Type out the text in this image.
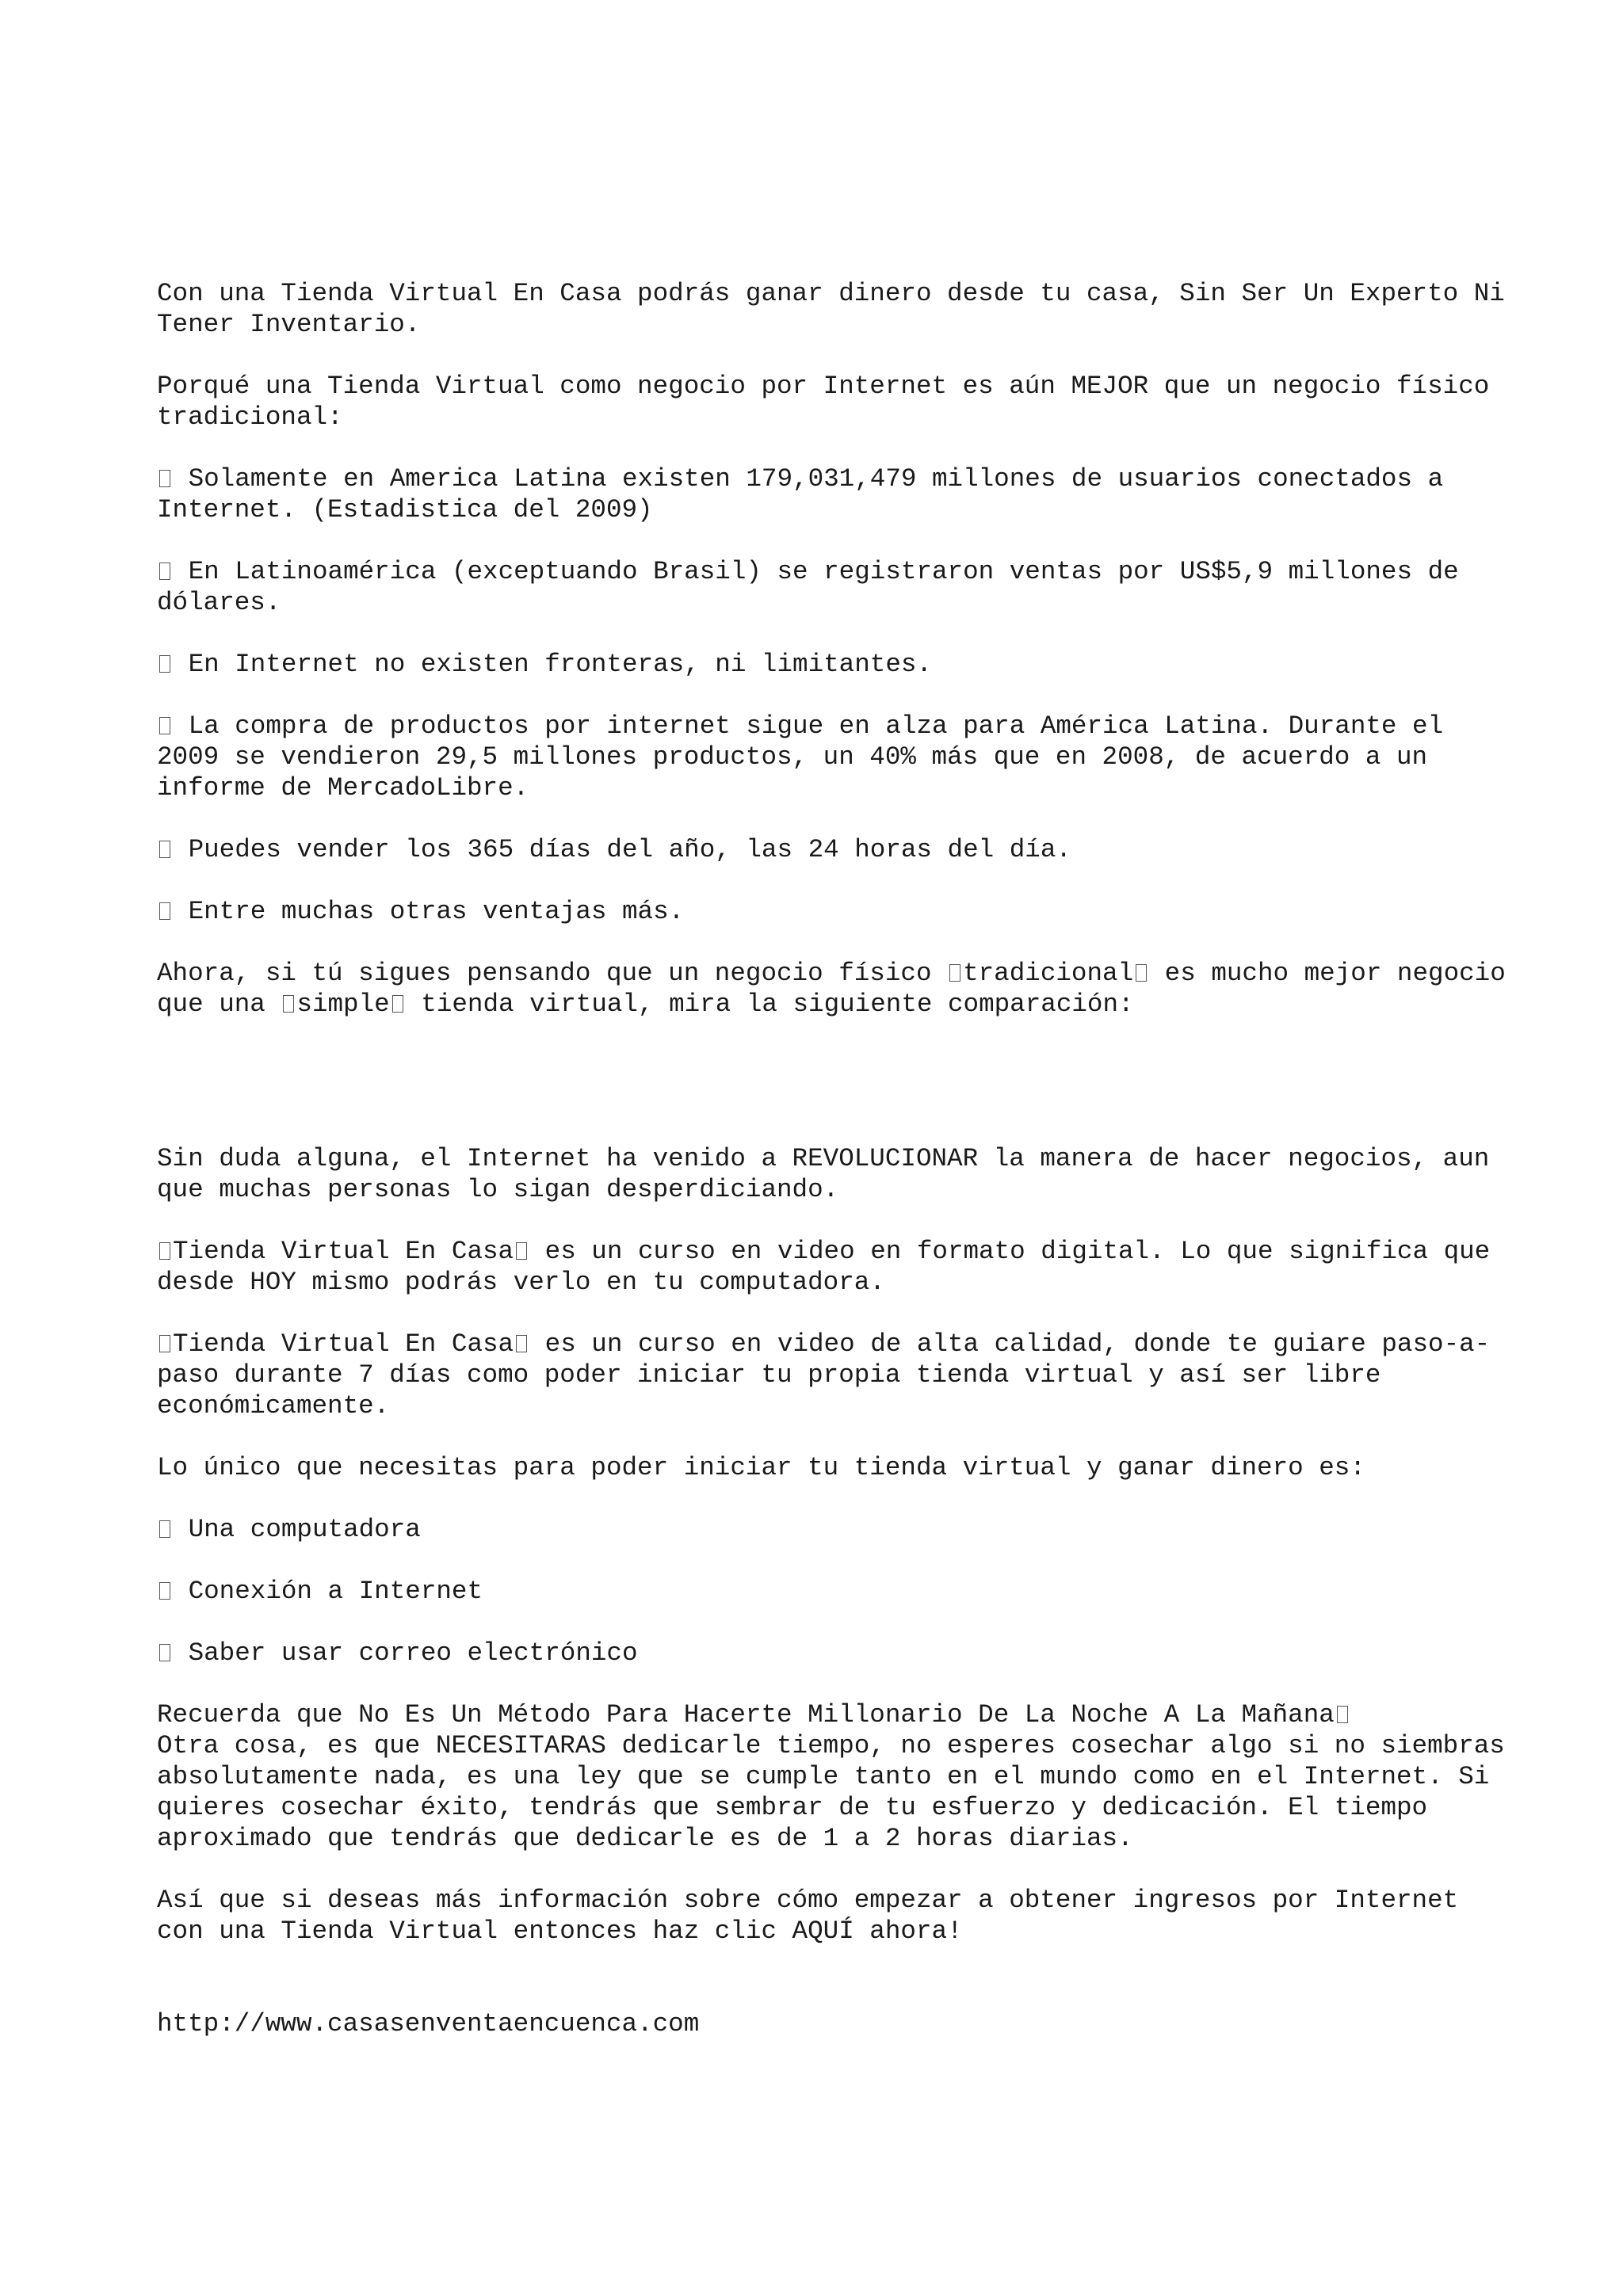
Con una Tienda Virtual En Casa podrás ganar dinero desde tu casa, Sin Ser Un Experto Ni Tener Inventario.

Porqué una Tienda Virtual como negocio por Internet es aún MEJOR que un negocio físico tradicional:

Solamente en America Latina existen 179,031,479 millones de usuarios conectados a Internet. (Estadistica del 2009)

En Latinoamérica (exceptuando Brasil) se registraron ventas por US$5,9 millones de dólares.

En Internet no existen fronteras, ni limitantes.

La compra de productos por internet sigue en alza para América Latina. Durante el 2009 se vendieron 29,5 millones productos, un 40% más que en 2008, de acuerdo a un informe de MercadoLibre.

Puedes vender los 365 días del año, las 24 horas del día.

Entre muchas otras ventajas más.

Ahora, si tú sigues pensando que un negocio físico tradicional es mucho mejor negocio que una simple tienda virtual, mira la siguiente comparación:

Sin duda alguna, el Internet ha venido a REVOLUCIONAR la manera de hacer negocios, aun que muchas personas lo sigan desperdiciando.

Tienda Virtual En Casa es un curso en video en formato digital. Lo que significa que desde HOY mismo podrás verlo en tu computadora.

Tienda Virtual En Casa es un curso en video de alta calidad, donde te guiare paso-a-paso durante 7 días como poder iniciar tu propia tienda virtual y así ser libre económicamente.

Lo único que necesitas para poder iniciar tu tienda virtual y ganar dinero es:

Una computadora

Conexión a Internet

Saber usar correo electrónico

Recuerda que No Es Un Método Para Hacerte Millonario De La Noche A La Mañana
Otra cosa, es que NECESITARAS dedicarle tiempo, no esperes cosechar algo si no siembras absolutamente nada, es una ley que se cumple tanto en el mundo como en el Internet. Si quieres cosechar éxito, tendrás que sembrar de tu esfuerzo y dedicación. El tiempo aproximado que tendrás que dedicarle es de 1 a 2 horas diarias.

Así que si deseas más información sobre cómo empezar a obtener ingresos por Internet con una Tienda Virtual entonces haz clic AQUÍ ahora!

http://www.casasenventaencuenca.com
